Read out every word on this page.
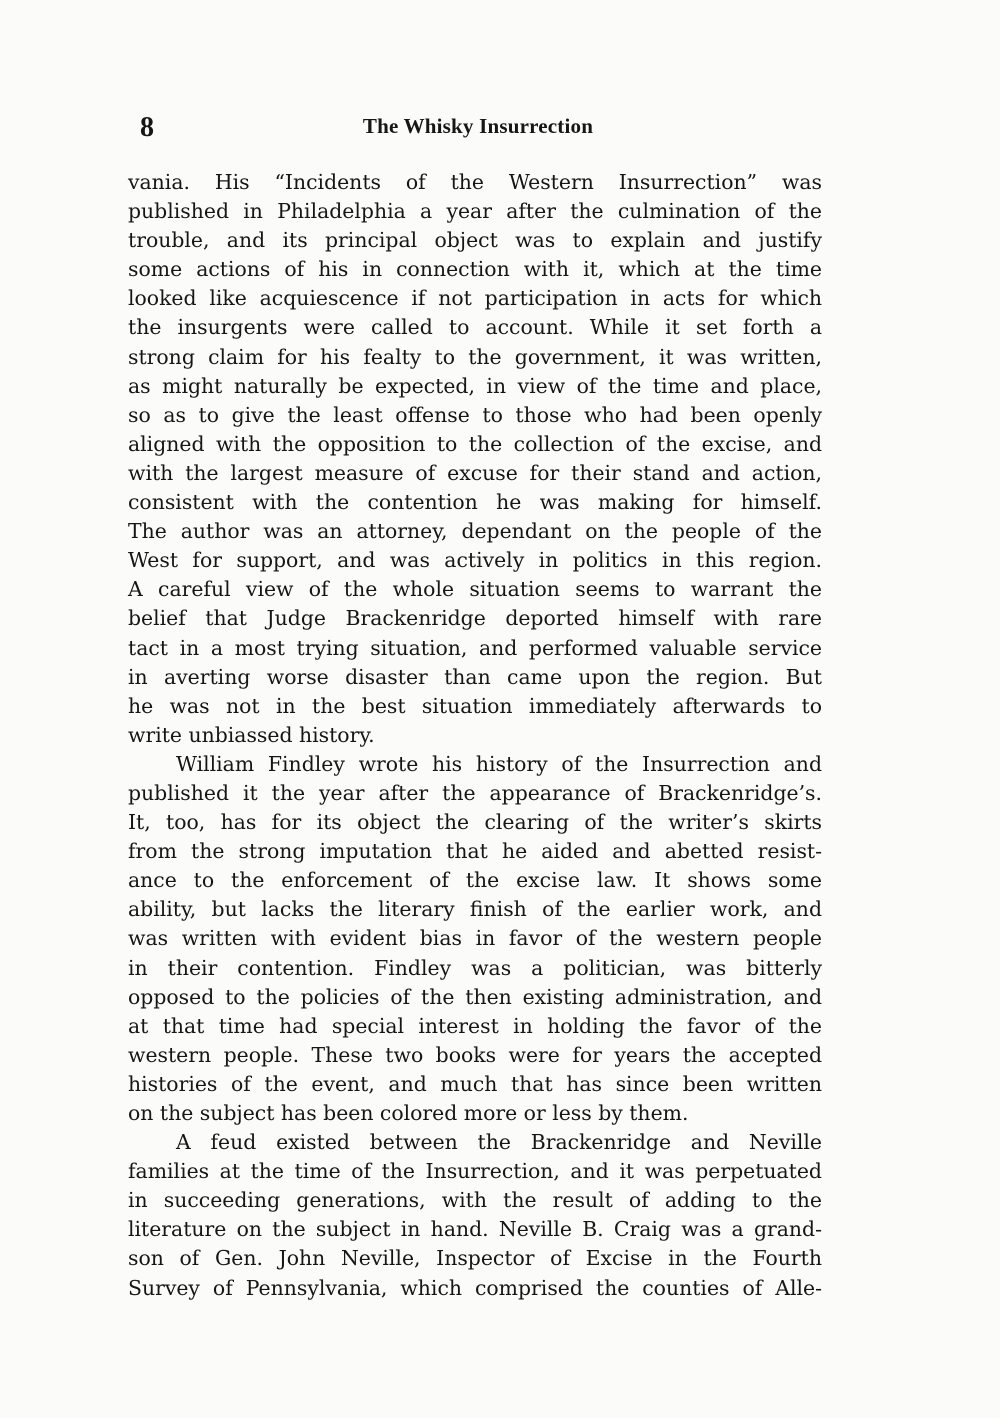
8	The Whisky Insurrection
vania. His “Incidents of the Western Insurrection” was
published in Philadelphia a year after the culmination of the
trouble, and its principal object was to explain and justify
some actions of his in connection with it, which at the time
looked like acquiescence if not participation in acts for which
the insurgents were called to account. While it set forth a
strong claim for his fealty to the government, it was written,
as might naturally be expected, in view of the time and place,
so as to give the least offense to those who had been openly
aligned with the opposition to the collection of the excise, and
with the largest measure of excuse for their stand and action,
consistent with the contention he was making for himself.
The author was an attorney, dependant on the people of the
West for support, and was actively in politics in this region.
A careful view of the whole situation seems to warrant the
belief that Judge Brackenridge deported himself with rare
tact in a most trying situation, and performed valuable service
in averting worse disaster than came upon the region. But
he was not in the best situation immediately afterwards to
write unbiassed history.
William Findley wrote his history of the Insurrection and
published it the year after the appearance of Brackenridge’s.
It, too, has for its object the clearing of the writer’s skirts
from the strong imputation that he aided and abetted resist-
ance to the enforcement of the excise law. It shows some
ability, but lacks the literary finish of the earlier work, and
was written with evident bias in favor of the western people
in their contention. Findley was a politician, was bitterly
opposed to the policies of the then existing administration, and
at that time had special interest in holding the favor of the
western people. These two books were for years the accepted
histories of the event, and much that has since been written
on the subject has been colored more or less by them.
A feud existed between the Brackenridge and Neville
families at the time of the Insurrection, and it was perpetuated
in succeeding generations, with the result of adding to the
literature on the subject in hand. Neville B. Craig was a grand-
son of Gen. John Neville, Inspector of Excise in the Fourth
Survey of Pennsylvania, which comprised the counties of Alle-
